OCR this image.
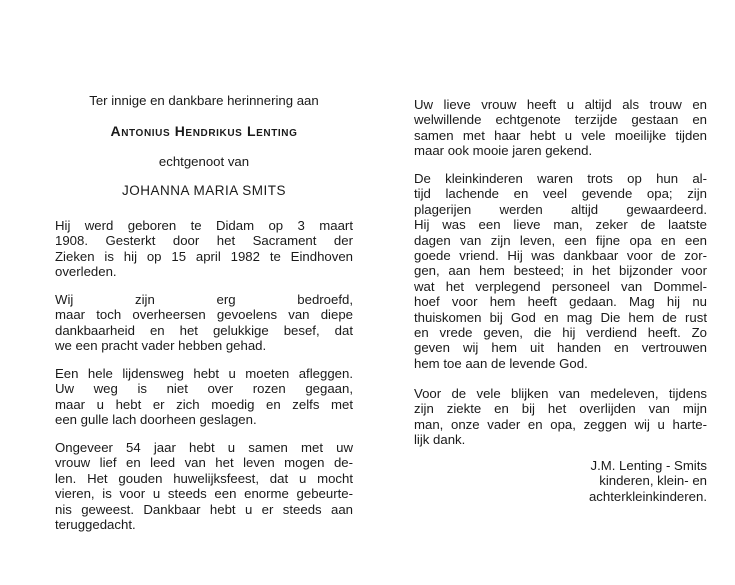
Ter innige en dankbare herinnering aan
Antonius Hendrikus Lenting
echtgenoot van
JOHANNA MARIA SMITS
Hij werd geboren te Didam op 3 maart
1908. Gesterkt door het Sacrament der
Zieken is hij op 15 april 1982 te Eindhoven
overleden.
Wij zijn erg bedroefd,
maar toch overheersen gevoelens van diepe
dankbaarheid en het gelukkige besef, dat
we een pracht vader hebben gehad.
Een hele lijdensweg hebt u moeten afleggen.
Uw weg is niet over rozen gegaan,
maar u hebt er zich moedig en zelfs met
een gulle lach doorheen geslagen.
Ongeveer 54 jaar hebt u samen met uw
vrouw lief en leed van het leven mogen de-
len. Het gouden huwelijksfeest, dat u mocht
vieren, is voor u steeds een enorme gebeurte-
nis geweest. Dankbaar hebt u er steeds aan
teruggedacht.
Uw lieve vrouw heeft u altijd als trouw en
welwillende echtgenote terzijde gestaan en
samen met haar hebt u vele moeilijke tijden
maar ook mooie jaren gekend.
De kleinkinderen waren trots op hun al-
tijd lachende en veel gevende opa; zijn
plagerijen werden altijd gewaardeerd.
Hij was een lieve man, zeker de laatste
dagen van zijn leven, een fijne opa en een
goede vriend. Hij was dankbaar voor de zor-
gen, aan hem besteed; in het bijzonder voor
wat het verplegend personeel van Dommel-
hoef voor hem heeft gedaan. Mag hij nu
thuiskomen bij God en mag Die hem de rust
en vrede geven, die hij verdiend heeft. Zo
geven wij hem uit handen en vertrouwen
hem toe aan de levende God.
Voor de vele blijken van medeleven, tijdens
zijn ziekte en bij het overlijden van mijn
man, onze vader en opa, zeggen wij u harte-
lijk dank.
J.M. Lenting - Smits
kinderen, klein- en
achterkleinkinderen.
